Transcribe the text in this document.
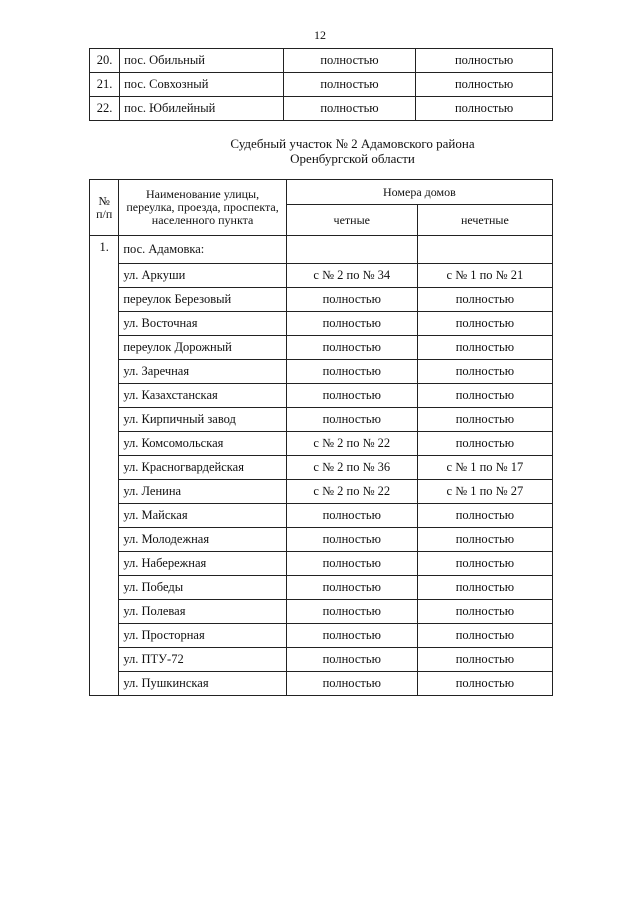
12
20.	пос. Обильный	полностью	полностью
21.	пос. Совхозный	полностью	полностью
22.	пос. Юбилейный	полностью	полностью
Судебный участок № 2 Адамовского района
Оренбургской области
№ п/п	Наименование улицы, переулка, проезда, проспекта, населенного пункта	Номера домов	
		четные	нечетные
1.	пос. Адамовка:		
	ул. Аркуши	с № 2 по № 34	с № 1 по № 21
	переулок Березовый	полностью	полностью
	ул. Восточная	полностью	полностью
	переулок Дорожный	полностью	полностью
	ул. Заречная	полностью	полностью
	ул. Казахстанская	полностью	полностью
	ул. Кирпичный завод	полностью	полностью
	ул. Комсомольская	с № 2 по № 22	полностью
	ул. Красногвардейская	с № 2 по № 36	с № 1 по № 17
	ул. Ленина	с № 2 по № 22	с № 1 по № 27
	ул. Майская	полностью	полностью
	ул. Молодежная	полностью	полностью
	ул. Набережная	полностью	полностью
	ул. Победы	полностью	полностью
	ул. Полевая	полностью	полностью
	ул. Просторная	полностью	полностью
	ул. ПТУ-72	полностью	полностью
	ул. Пушкинская	полностью	полностью
